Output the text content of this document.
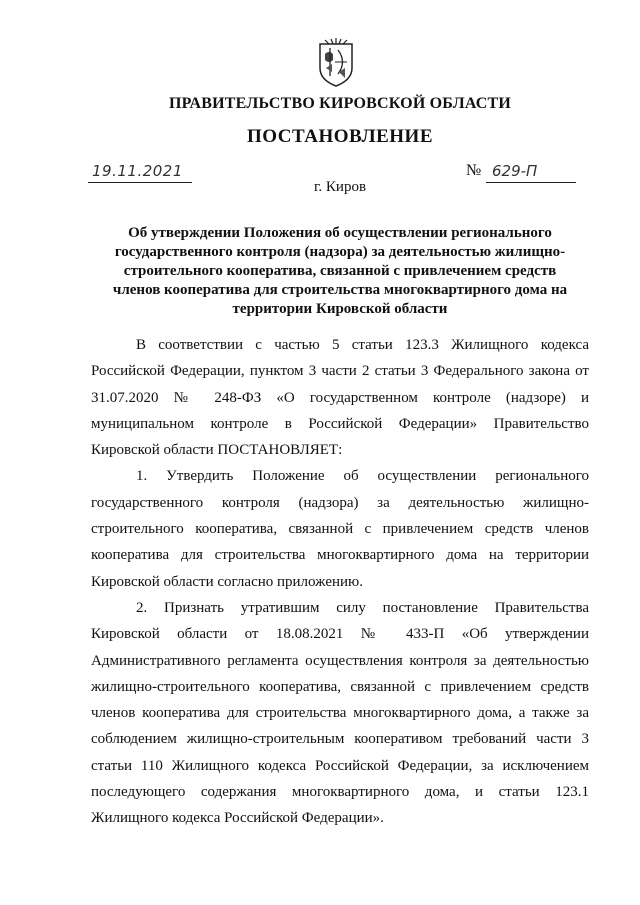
ПРАВИТЕЛЬСТВО КИРОВСКОЙ ОБЛАСТИ
ПОСТАНОВЛЕНИЕ
19.11.2021	№ 629-П
г. Киров
Об утверждении Положения об осуществлении регионального государственного контроля (надзора) за деятельностью жилищно-строительного кооператива, связанной с привлечением средств членов кооператива для строительства многоквартирного дома на территории Кировской области

В соответствии с частью 5 статьи 123.3 Жилищного кодекса Российской Федерации, пунктом 3 части 2 статьи 3 Федерального закона от 31.07.2020 № 248-ФЗ «О государственном контроле (надзоре) и муниципальном контроле в Российской Федерации» Правительство Кировской области ПОСТАНОВЛЯЕТ:

1. Утвердить Положение об осуществлении регионального государственного контроля (надзора) за деятельностью жилищно-строительного кооператива, связанной с привлечением средств членов кооператива для строительства многоквартирного дома на территории Кировской области согласно приложению.

2. Признать утратившим силу постановление Правительства Кировской области от 18.08.2021 № 433-П «Об утверждении Административного регламента осуществления контроля за деятельностью жилищно-строительного кооператива, связанной с привлечением средств членов кооператива для строительства многоквартирного дома, а также за соблюдением жилищно-строительным кооперативом требований части 3 статьи 110 Жилищного кодекса Российской Федерации, за исключением последующего содержания многоквартирного дома, и статьи 123.1 Жилищного кодекса Российской Федерации».
